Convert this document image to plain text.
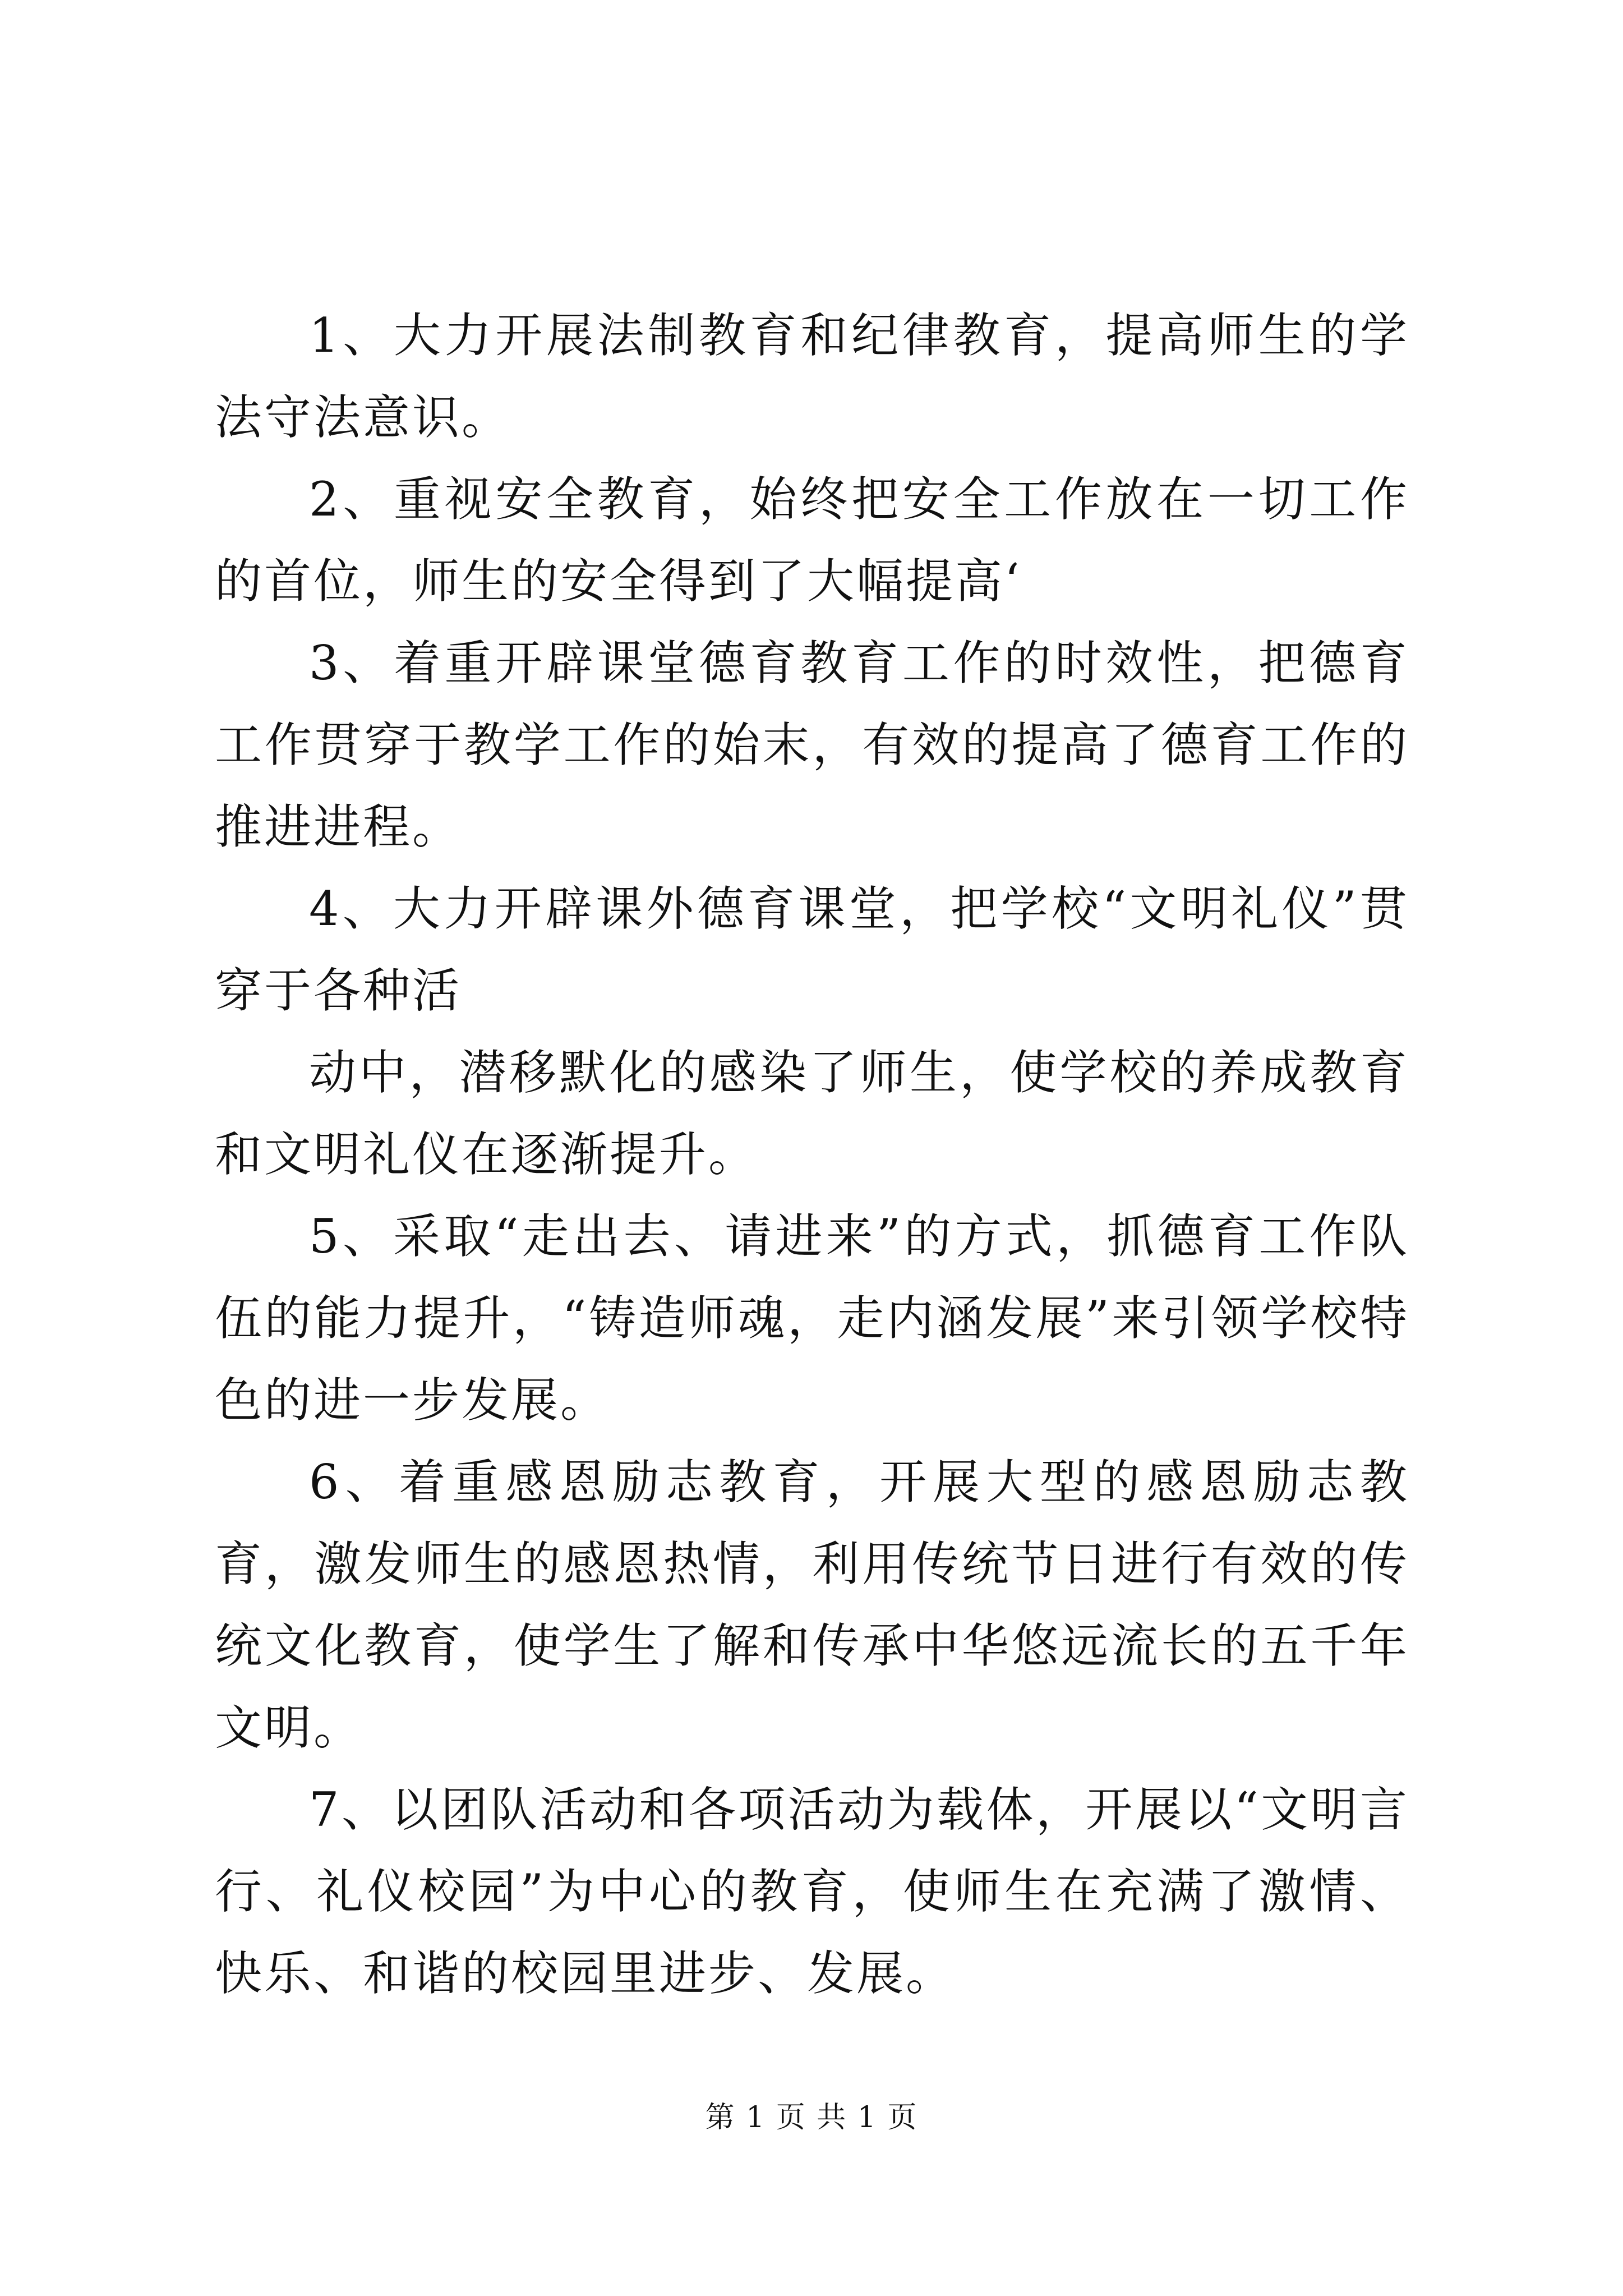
1、大力开展法制教育和纪律教育，提高师生的学法守法意识。

2、重视安全教育，始终把安全工作放在一切工作的首位，师生的安全得到了大幅提高‘

3、着重开辟课堂德育教育工作的时效性，把德育工作贯穿于教学工作的始末，有效的提高了德育工作的推进进程。

4、大力开辟课外德育课堂，把学校“文明礼仪”贯穿于各种活

动中，潜移默化的感染了师生，使学校的养成教育和文明礼仪在逐渐提升。

5、采取“走出去、请进来”的方式，抓德育工作队伍的能力提升，“铸造师魂，走内涵发展”来引领学校特色的进一步发展。

6、着重感恩励志教育，开展大型的感恩励志教育，激发师生的感恩热情，利用传统节日进行有效的传统文化教育，使学生了解和传承中华悠远流长的五千年文明。

7、以团队活动和各项活动为载体，开展以“文明言行、礼仪校园”为中心的教育，使师生在充满了激情、快乐、和谐的校园里进步、发展。

第 1 页 共 1 页
